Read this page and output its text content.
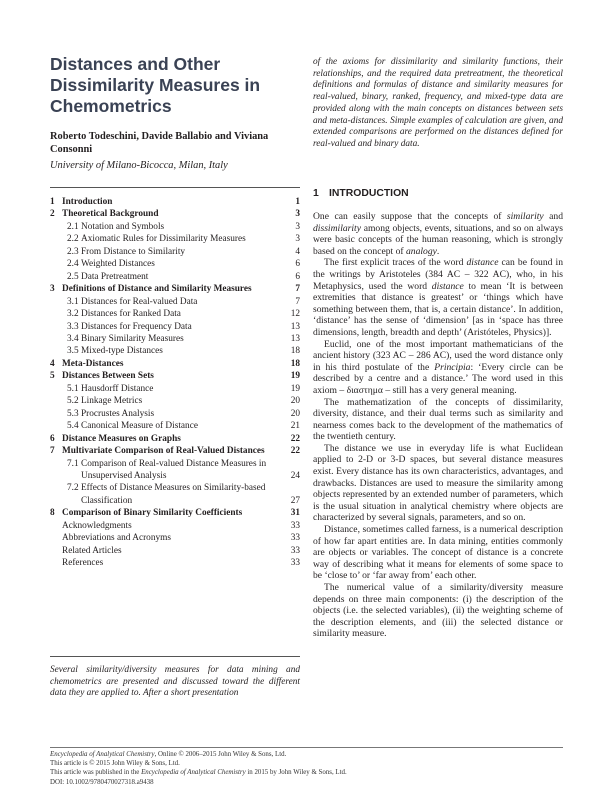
Distances and Other
Dissimilarity Measures in
Chemometrics
Roberto Todeschini, Davide Ballabio and Viviana Consonni
University of Milano-Bicocca, Milan, Italy
1 Introduction	1
2 Theoretical Background	3
2.1 Notation and Symbols	3
2.2 Axiomatic Rules for Dissimilarity Measures	3
2.3 From Distance to Similarity	4
2.4 Weighted Distances	6
2.5 Data Pretreatment	6
3 Definitions of Distance and Similarity Measures	7
3.1 Distances for Real-valued Data	7
3.2 Distances for Ranked Data	12
3.3 Distances for Frequency Data	13
3.4 Binary Similarity Measures	13
3.5 Mixed-type Distances	18
4 Meta-Distances	18
5 Distances Between Sets	19
5.1 Hausdorff Distance	19
5.2 Linkage Metrics	20
5.3 Procrustes Analysis	20
5.4 Canonical Measure of Distance	21
6 Distance Measures on Graphs	22
7 Multivariate Comparison of Real-Valued Distances	22
7.1 Comparison of Real-valued Distance Measures in Unsupervised Analysis	24
7.2 Effects of Distance Measures on Similarity-based Classification	27
8 Comparison of Binary Similarity Coefficients	31
Acknowledgments	33
Abbreviations and Acronyms	33
Related Articles	33
References	33
Several similarity/diversity measures for data mining and chemometrics are presented and discussed toward the different data they are applied to. After a short presentation
of the axioms for dissimilarity and similarity functions, their relationships, and the required data pretreatment, the theoretical definitions and formulas of distance and similarity measures for real-valued, binary, ranked, frequency, and mixed-type data are provided along with the main concepts on distances between sets and meta-distances. Simple examples of calculation are given, and extended comparisons are performed on the distances defined for real-valued and binary data.
1 INTRODUCTION

One can easily suppose that the concepts of similarity and dissimilarity among objects, events, situations, and so on always were basic concepts of the human reasoning, which is strongly based on the concept of analogy.

The first explicit traces of the word distance can be found in the writings by Aristoteles (384 AC – 322 AC), who, in his Metaphysics, used the word distance to mean ‘It is between extremities that distance is greatest’ or ‘things which have something between them, that is, a certain distance’. In addition, ‘distance’ has the sense of ‘dimension’ [as in ‘space has three dimensions, length, breadth and depth’ (Aristóteles, Physics)].

Euclid, one of the most important mathematicians of the ancient history (323 AC – 286 AC), used the word distance only in his third postulate of the Principia: ‘Every circle can be described by a centre and a distance.’ The word used in this axiom – διαστημα – still has a very general meaning.

The mathematization of the concepts of dissimilarity, diversity, distance, and their dual terms such as similarity and nearness comes back to the development of the mathematics of the twentieth century.

The distance we use in everyday life is what Euclidean applied to 2-D or 3-D spaces, but several distance measures exist. Every distance has its own characteristics, advantages, and drawbacks. Distances are used to measure the similarity among objects represented by an extended number of parameters, which is the usual situation in analytical chemistry where objects are characterized by several signals, parameters, and so on.

Distance, sometimes called farness, is a numerical description of how far apart entities are. In data mining, entities commonly are objects or variables. The concept of distance is a concrete way of describing what it means for elements of some space to be ‘close to’ or ‘far away from’ each other.

The numerical value of a similarity/diversity measure depends on three main components: (i) the description of the objects (i.e. the selected variables), (ii) the weighting scheme of the description elements, and (iii) the selected distance or similarity measure.

Encyclopedia of Analytical Chemistry, Online © 2006–2015 John Wiley & Sons, Ltd.
This article is © 2015 John Wiley & Sons, Ltd.
This article was published in the Encyclopedia of Analytical Chemistry in 2015 by John Wiley & Sons, Ltd.
DOI: 10.1002/9780470027318.a9438
